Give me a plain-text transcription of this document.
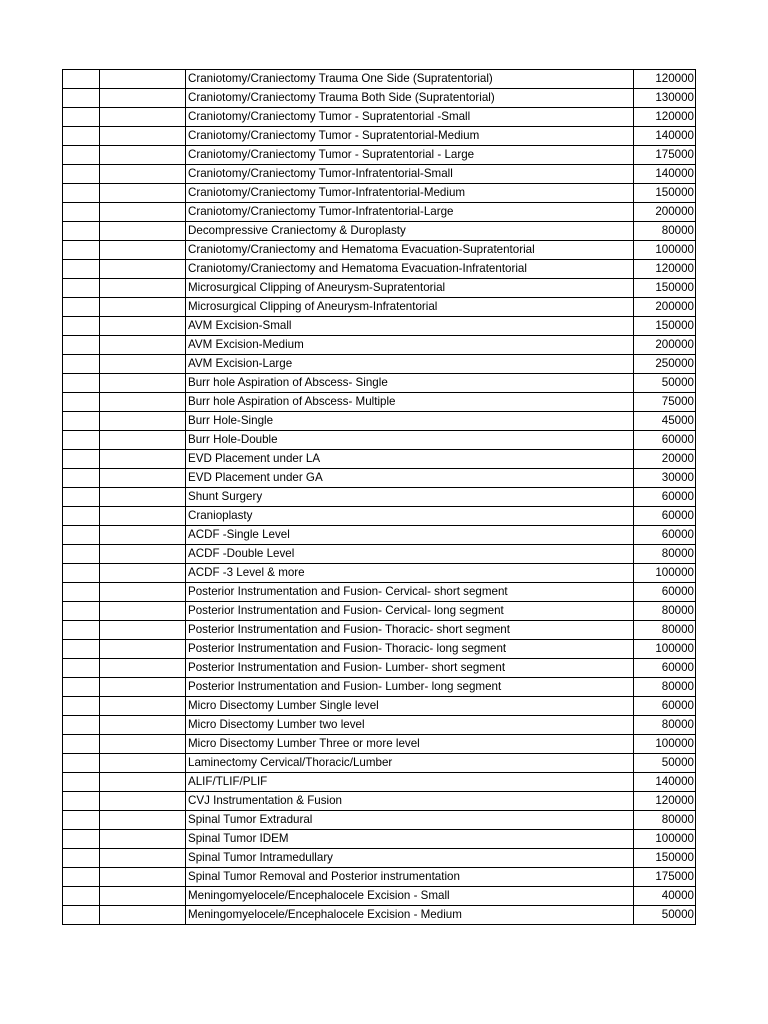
		Craniotomy/Craniectomy Trauma One Side (Supratentorial)	120000
		Craniotomy/Craniectomy Trauma Both Side (Supratentorial)	130000
		Craniotomy/Craniectomy Tumor - Supratentorial -Small	120000
		Craniotomy/Craniectomy Tumor - Supratentorial-Medium	140000
		Craniotomy/Craniectomy Tumor - Supratentorial - Large	175000
		Craniotomy/Craniectomy Tumor-Infratentorial-Small	140000
		Craniotomy/Craniectomy Tumor-Infratentorial-Medium	150000
		Craniotomy/Craniectomy Tumor-Infratentorial-Large	200000
		Decompressive Craniectomy & Duroplasty	80000
		Craniotomy/Craniectomy and Hematoma Evacuation-Supratentorial	100000
		Craniotomy/Craniectomy and Hematoma Evacuation-Infratentorial	120000
		Microsurgical Clipping of Aneurysm-Supratentorial	150000
		Microsurgical Clipping of Aneurysm-Infratentorial	200000
		AVM Excision-Small	150000
		AVM Excision-Medium	200000
		AVM Excision-Large	250000
		Burr hole Aspiration of Abscess- Single	50000
		Burr hole Aspiration of Abscess- Multiple	75000
		Burr Hole-Single	45000
		Burr Hole-Double	60000
		EVD Placement under LA	20000
		EVD Placement under GA	30000
		Shunt Surgery	60000
		Cranioplasty	60000
		ACDF -Single Level	60000
		ACDF -Double Level	80000
		ACDF -3 Level & more	100000
		Posterior Instrumentation and Fusion- Cervical- short segment	60000
		Posterior Instrumentation and Fusion- Cervical- long segment	80000
		Posterior Instrumentation and Fusion- Thoracic- short segment	80000
		Posterior Instrumentation and Fusion- Thoracic- long segment	100000
		Posterior Instrumentation and Fusion- Lumber- short segment	60000
		Posterior Instrumentation and Fusion- Lumber- long segment	80000
		Micro Disectomy Lumber Single level	60000
		Micro Disectomy Lumber two level	80000
		Micro Disectomy Lumber Three or more level	100000
		Laminectomy Cervical/Thoracic/Lumber	50000
		ALIF/TLIF/PLIF	140000
		CVJ Instrumentation & Fusion	120000
		Spinal Tumor Extradural	80000
		Spinal Tumor IDEM	100000
		Spinal Tumor Intramedullary	150000
		Spinal Tumor Removal and Posterior instrumentation	175000
		Meningomyelocele/Encephalocele Excision - Small	40000
		Meningomyelocele/Encephalocele Excision - Medium	50000
